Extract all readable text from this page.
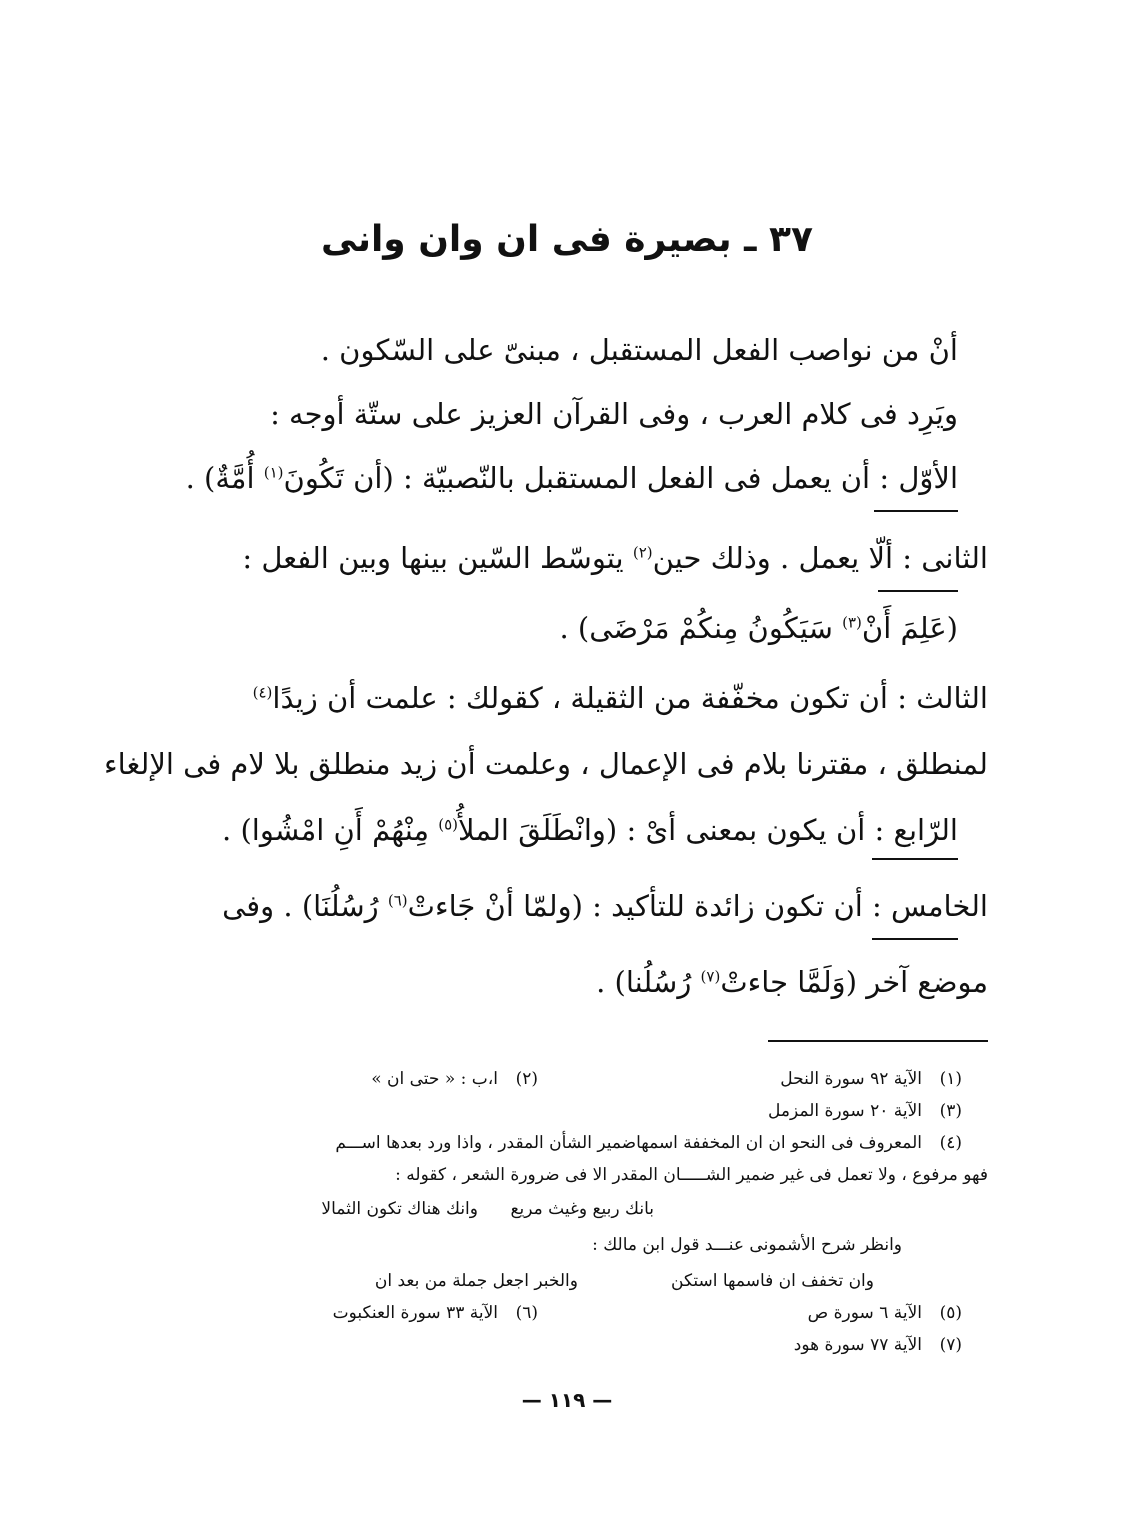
٣٧ ـ بصيرة فى ان وان وانى
أنْ من نواصب الفعل المستقبل ، مبنىّ على السّكون .
ويَرِد فى كلام العرب ، وفى القرآن العزيز على ستّة أوجه :
الأوّل : أن يعمل فى الفعل المستقبل بالنّصبيّة : (أن تَكُونَ$^{(١)}$ أُمَّةٌ) .
الثانى : ألّا يعمل . وذلك حين$^{(٢)}$ يتوسّط السّين بينها وبين الفعل :
(عَلِمَ أَنْ$^{(٣)}$ سَيَكُونُ مِنكُمْ مَرْضَى) .
الثالث : أن تكون مخفّفة من الثقيلة ، كقولك : علمت أن زيدًا$^{(٤)}$
لمنطلق ، مقترنا بلام فى الإعمال ، وعلمت أن زيد منطلق بلا لام فى الإلغاء
الرّابع : أن يكون بمعنى أىْ : (وانْطَلَقَ الملأُ$^{(٥)}$ مِنْهُمْ أَنِ امْشُوا) .
الخامس : أن تكون زائدة للتأكيد : (ولمّا أنْ جَاءتْ$^{(٦)}$ رُسُلُنَا) . وفى
موضع آخر (وَلَمَّا جاءتْ$^{(٧)}$ رُسُلُنا) .
(١)الآية ٩٢ سورة النحل
(٢)ا،ب : « حتى ان »
(٣)الآية ٢٠ سورة المزمل
(٤)المعروف فى النحو ان ان المخففة اسمهاضمير الشأن المقدر ، واذا ورد بعدها اســـم
فهو مرفوع ، ولا تعمل فى غير ضمير الشـــــان المقدر الا فى ضرورة الشعر ، كقوله :
بانك ربيع وغيث مريع
وانك هناك تكون الثمالا
وانظر شرح الأشمونى عنـــد قول ابن مالك :
وان تخفف ان فاسمها استكن
والخبر اجعل جملة من بعد ان
(٥)الآية ٦ سورة ص
(٦)الآية ٣٣ سورة العنكبوت
(٧)الآية ٧٧ سورة هود
— ١١٩ —
